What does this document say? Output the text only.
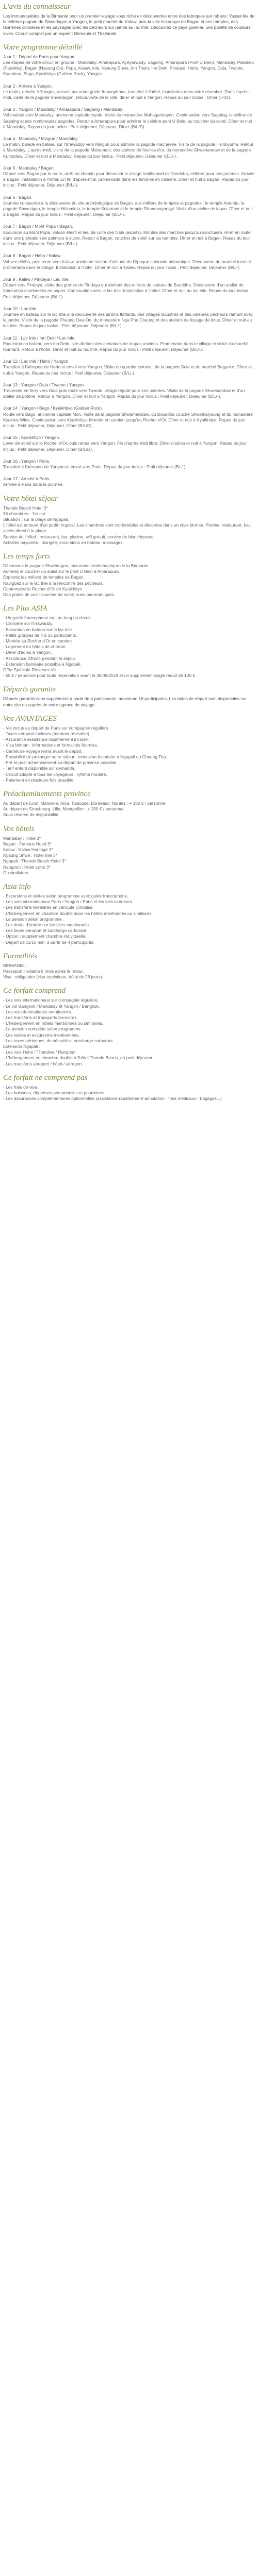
L'avis du connaisseur

Les immanquables de la Birmanie pour un premier voyage sous riche en découvertes entre des fabriques sur rubans: Vassal lée de la célèbre pagode de Shwedagon à Yangon, le petit marché de Kalaw, puis la ville historique de Bagan et ses temples, des tanneries cordières et les paysages avec les pêcheurs sur jambe au lac Inle. Découvrez ce pays guerrier, une palette de couleurs vives. Circuit complet par un expert : Birmanie et Thaïlande.

Votre programme détaillé

Jour 1 : Départ de Paris pour Yangon.

Les étapes de votre circuit en groupe : Mandalay, Amarapura, Ayeyarwady, Sagaing, Amarapura (Pont U Bein), Mandalay, Pakokku (Pakokku), Bagan (Nyaung Oo), Popa, Kalaw, Inle, Nyaung Shwe, Inn Thein, Inn Dein, Pindaya, Heho, Yangon, Dala, Twante, Kyauktan, Bago, Kyaikhtiyo (Golden Rock), Yangon

Jour 2 : Arrivée à Yangon.

Le matin, arrivée à Yangon, accueil par votre guide francophone, transfert à l'hôtel, installation dans votre chambre. Dans l'après-midi, visite de la pagode Shwedagon. Découverte de la ville, dîner et nuit à Yangon. Repas du jour inclus : Dîner (-/-/D).

Jour 3 : Yangon / Mandalay / Amarapura / Sagaing / Mandalay.

Vol matinal vers Mandalay, ancienne capitale royale. Visite du monastère Mahagandayon. Continuation vers Sagaing, la colline de Sagaing et ses nombreuses pagodes. Retour à Amarapura pour admirer le célèbre pont U Bein, au coucher du soleil. Dîner et nuit à Mandalay. Repas du jour inclus : Petit déjeuner, Déjeuner, Dîner (B/L/D).

Jour 4 : Mandalay / Mingun / Mandalay.

Le matin, balade en bateau sur l'Irrawaddy vers Mingun pour admirer la pagode inachevée. Visite de la pagode Hsinbyume. Retour à Mandalay. L'après-midi, visite de la pagode Mahamuni, des ateliers de feuilles d'or, du monastère Shwenandaw et de la pagode Kuthodaw. Dîner et nuit à Mandalay. Repas du jour inclus : Petit déjeuner, Déjeuner (B/L/-).

Jour 5 : Mandalay / Bagan.

Départ vers Bagan par la route, arrêt en chemin pour découvrir le village traditionnel de Yandabo, célèbre pour ses poteries. Arrivée à Bagan, installation à l'hôtel. En fin d'après-midi, promenade dans les temples en calèche. Dîner et nuit à Bagan. Repas du jour inclus : Petit déjeuner, Déjeuner (B/L/-).

Jour 6 : Bagan.

Journée consacrée à la découverte du site archéologique de Bagan, aux milliers de temples et pagodes : le temple Ananda, la pagode Shwezigon, le temple Htilominlo, le temple Sulamani et le temple Dhammayangyi. Visite d'un atelier de laque. Dîner et nuit à Bagan. Repas du jour inclus : Petit déjeuner, Déjeuner (B/L/-).

Jour 7 : Bagan / Mont Popa / Bagan.

Excursion au Mont Popa, volcan éteint et lieu de culte des Nats (esprits). Montée des marches jusqu'au sanctuaire. Arrêt en route dans une plantation de palmiers à sucre. Retour à Bagan, coucher de soleil sur les temples. Dîner et nuit à Bagan. Repas du jour inclus : Petit déjeuner, Déjeuner (B/L/-).

Jour 8 : Bagan / Heho / Kalaw.

Vol vers Heho, puis route vers Kalaw, ancienne station d'altitude de l'époque coloniale britannique. Découverte du marché local et promenade dans le village. Installation à l'hôtel. Dîner et nuit à Kalaw. Repas du jour inclus : Petit déjeuner, Déjeuner (B/L/-).

Jour 9 : Kalaw / Pindaya / Lac Inle.

Départ vers Pindaya, visite des grottes de Pindaya qui abritent des milliers de statues de Bouddha. Découverte d'un atelier de fabrication d'ombrelles en papier. Continuation vers le lac Inle. Installation à l'hôtel. Dîner et nuit au lac Inle. Repas du jour inclus : Petit déjeuner, Déjeuner (B/L/-).

Jour 10 : Lac Inle.

Journée en bateau sur le lac Inle à la découverte des jardins flottants, des villages lacustres et des célèbres pêcheurs ramant avec la jambe. Visite de la pagode Phaung Daw Oo, du monastère Nga Phe Chaung et des ateliers de tissage de lotus. Dîner et nuit au lac Inle. Repas du jour inclus : Petit déjeuner, Déjeuner (B/L/-).

Jour 11 : Lac Inle / Inn Dein / Lac Inle.

Excursion en bateau vers Inn Dein, site abritant des centaines de stupas anciens. Promenade dans le village et visite du marché tournant. Retour à l'hôtel. Dîner et nuit au lac Inle. Repas du jour inclus : Petit déjeuner, Déjeuner (B/L/-).

Jour 12 : Lac Inle / Heho / Yangon.

Transfert à l'aéroport de Heho et envol vers Yangon. Visite du quartier colonial, de la pagode Sule et du marché Bogyoke. Dîner et nuit à Yangon. Repas du jour inclus : Petit déjeuner, Déjeuner (B/L/-).

Jour 13 : Yangon / Dala / Twante / Yangon.

Traversée en ferry vers Dala puis route vers Twante, village réputé pour ses poteries. Visite de la pagode Shwesandaw et d'un atelier de poterie. Retour à Yangon. Dîner et nuit à Yangon. Repas du jour inclus : Petit déjeuner, Déjeuner (B/L/-).

Jour 14 : Yangon / Bago / Kyaikhtiyo (Golden Rock).

Route vers Bago, ancienne capitale Mon. Visite de la pagode Shwemawdaw, du Bouddha couché Shwethalyaung et du monastère Kyakhat Wine. Continuation vers Kyaikhtiyo. Montée en camion jusqu'au Rocher d'Or. Dîner et nuit à Kyaikhtiyo. Repas du jour inclus : Petit déjeuner, Déjeuner, Dîner (B/L/D).

Jour 15 : Kyaikhtiyo / Yangon.

Lever de soleil sur le Rocher d'Or, puis retour vers Yangon. Fin d'après-midi libre. Dîner d'adieu et nuit à Yangon. Repas du jour inclus : Petit déjeuner, Déjeuner, Dîner (B/L/D).

Jour 16 : Yangon / Paris.

Transfert à l'aéroport de Yangon et envol vers Paris. Repas du jour inclus : Petit déjeuner (B/-/-).

Jour 17 : Arrivée à Paris.

Arrivée à Paris dans la journée.

Votre hôtel séjour

Thande Beach Hotel 3*

36 chambres - 1er cat.

Situation : sur la plage de Ngapali.

L'hôtel est entouré d'un jardin tropical. Les chambres sont confortables et décorées dans un style birman. Piscine, restaurant, bar, accès direct à la plage.

Service de l'hôtel : restaurant, bar, piscine, wifi gratuit, service de blanchisserie.

Activités payantes : plongée, excursions en bateau, massages.

Les temps forts

Découvrez la pagode Shwedagon, monument emblématique de la Birmanie.

Admirez le coucher du soleil sur le pont U Bein à Amarapura.

Explorez les milliers de temples de Bagan.

Naviguez sur le lac Inle à la rencontre des pêcheurs.

Contemplez le Rocher d'Or de Kyaikhtiyo.

Des points de vue : coucher de soleil, vues panoramiques.

Les Plus ASIA

- Un guide francophone tout au long du circuit.

- Croisière sur l'Irrawaddy.

- Excursion en bateau sur le lac Inle.

- Petits groupes de 4 à 16 participants.

- Montée au Rocher d'Or en camion.

- Logement en hôtels de charme.

- Dîner d'adieu à Yangon.

- Assistance 24h/24 pendant le séjour.

- Extension balnéaire possible à Ngapali.

Offre Spéciale Réservez tôt :

- 50 € / personne pour toute réservation avant le 30/09/2019 et un supplément single réduit de 100 €.

Départs garantis

Départs garantis sans supplément à partir de 4 participants, maximum 16 participants. Les dates de départ sont disponibles sur notre site ou auprès de votre agence de voyage.

Vos AVANTAGES

- Vol inclus au départ de Paris sur compagnie régulière.

- Taxes aéroport incluses (montant révisable).

- Assurance assistance rapatriement incluse.

- Visa birman : informations et formalités fournies.

- Carnet de voyage remis avant le départ.

- Possibilité de prolonger votre séjour : extension balnéaire à Ngapali ou Chaung Tha.

- Pré et post acheminement au départ de province possible.

- Tarif enfant disponible sur demande.

- Circuit adapté à tous les voyageurs : rythme modéré.

- Paiement en plusieurs fois possible.

Préacheminements province

Au départ de Lyon, Marseille, Nice, Toulouse, Bordeaux, Nantes : + 180 € / personne.

Au départ de Strasbourg, Lille, Montpellier : + 200 € / personne.

Sous réserve de disponibilité.

Vos hôtels

Mandalay : Hotel 3*

Bagan : Famous Hotel 3*

Kalaw : Kalaw Heritage 3*

Nyaung Shwe : Hotel Inle 3*

Ngapali : Thande Beach Hotel 3*

Rangoon : Hotel Lotte 3*

Ou similaires

Asia info

- Excursions et visites selon programme avec guide francophone.

- Les vols internationaux Paris / Yangon / Paris et les vols intérieurs.

- Les transferts terrestres en véhicule climatisé.

- L'hébergement en chambre double dans les hôtels mentionnés ou similaires.

- La pension selon programme.

- Les droits d'entrée sur les sites mentionnés.

- Les taxes aéroport et surcharge carburant.

- Option : supplément chambre individuelle.

- Départ de 11/15 min. à partir de 4 participants.

Formalités

BIRMANIE :

Passeport : valable 6 mois après le retour.

Visa : obligatoire (visa touristique, délai de 28 jours).

Ce forfait comprend

- Les vols internationaux sur compagnie régulière.

- Le vol Bangkok / Mandalay et Yangon / Bangkok.

- Les vols domestiques mentionnés.

- Les transferts et transports terrestres.

- L'hébergement en hôtels mentionnés ou similaires.

- La pension complète selon programme.

- Les visites et excursions mentionnées.

- Les taxes aériennes, de sécurité et surcharge carburant.

Extension Ngapali :

- Les vols Heho / Thandwe / Rangoon.

- L'hébergement en chambre double à l'hôtel Thande Beach, en petit déjeuner.

- Les transferts aéroport / hôtel / aéroport.

Ce forfait ne comprend pas

- Les frais de visa.

- Les boissons, dépenses personnelles et pourboires.

- Les assurances complémentaires optionnelles (assistance-rapatriement-annulation - frais médicaux - bagages...).
